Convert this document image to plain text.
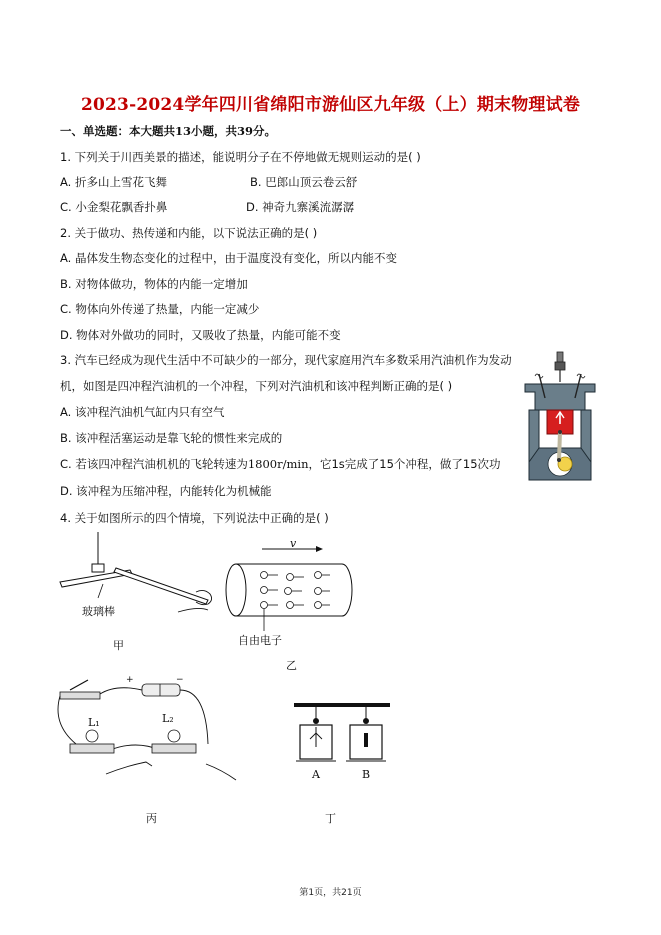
2023-2024学年四川省绵阳市游仙区九年级（上）期末物理试卷
一、单选题：本大题共13小题，共39分。
1. 下列关于川西美景的描述，能说明分子在不停地做无规则运动的是( )
A. 折多山上雪花飞舞	B. 巴郎山顶云卷云舒
C. 小金梨花飘香扑鼻	D. 神奇九寨溪流潺潺
2. 关于做功、热传递和内能，以下说法正确的是( )
A. 晶体发生物态变化的过程中，由于温度没有变化，所以内能不变
B. 对物体做功，物体的内能一定增加
C. 物体向外传递了热量，内能一定减少
D. 物体对外做功的同时，又吸收了热量，内能可能不变
3. 汽车已经成为现代生活中不可缺少的一部分，现代家庭用汽车多数采用汽油机作为发动
机，如图是四冲程汽油机的一个冲程，下列对汽油机和该冲程判断正确的是( )
A. 该冲程汽油机气缸内只有空气
B. 该冲程活塞运动是靠飞轮的惯性来完成的
C. 若该四冲程汽油机机的飞轮转速为1800r/min，它1s完成了15个冲程，做了15次功
D. 该冲程为压缩冲程，内能转化为机械能
4. 关于如图所示的四个情境，下列说法中正确的是( )
玻璃棒
甲
v
自由电子
乙
+	−
L₁	L₂
丙
A	B
丁
第1页，共21页
